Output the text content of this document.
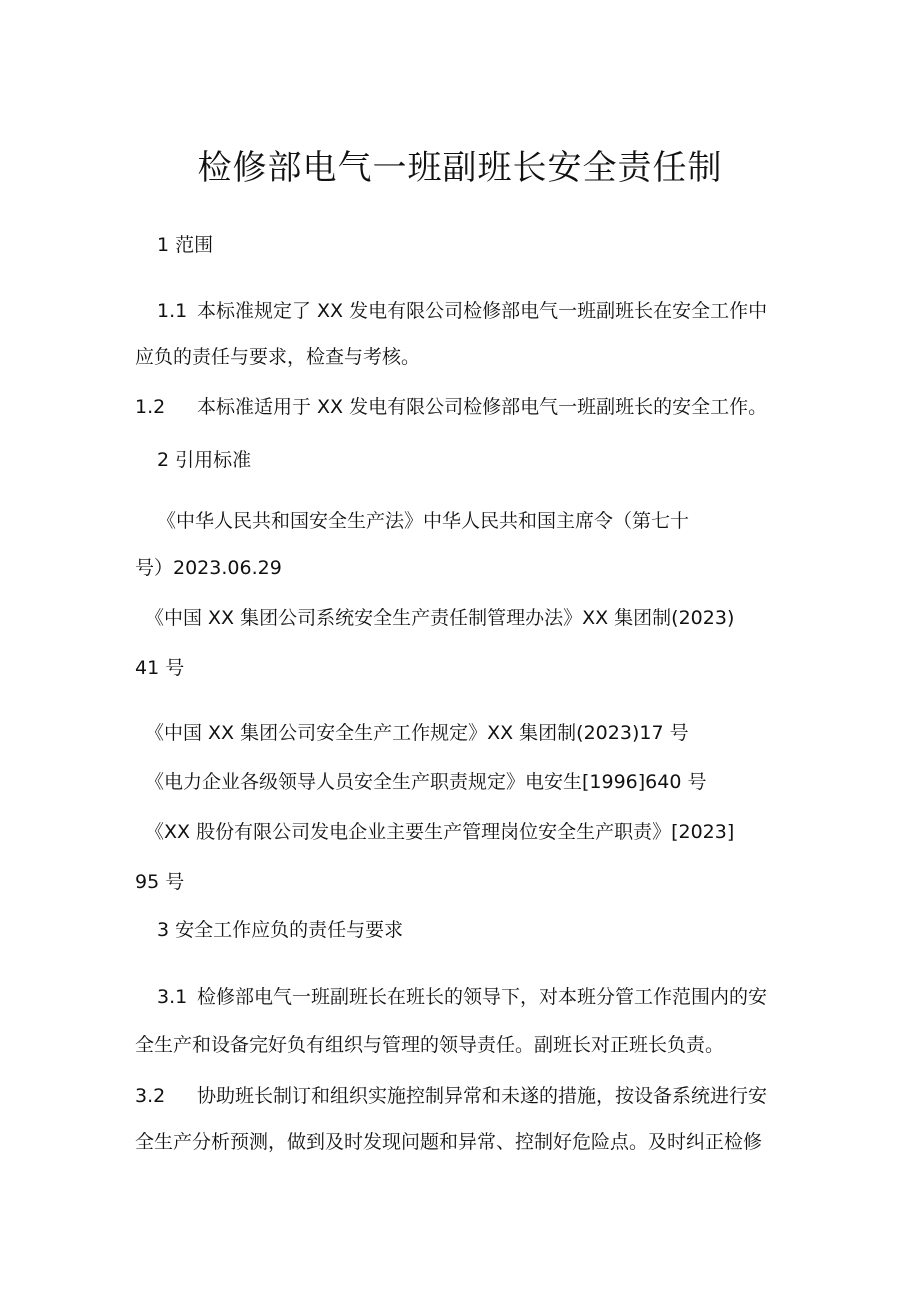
检修部电气一班副班长安全责任制

1 范围

1.1 本标准规定了 XX 发电有限公司检修部电气一班副班长在安全工作中

应负的责任与要求，检查与考核。

1.2 本标准适用于 XX 发电有限公司检修部电气一班副班长的安全工作。

2 引用标准

《中华人民共和国安全生产法》中华人民共和国主席令（第七十

号）2023.06.29

《中国 XX 集团公司系统安全生产责任制管理办法》XX 集团制(2023)

41 号

《中国 XX 集团公司安全生产工作规定》XX 集团制(2023)17 号

《电力企业各级领导人员安全生产职责规定》电安生[1996]640 号

《XX 股份有限公司发电企业主要生产管理岗位安全生产职责》[2023]

95 号

3 安全工作应负的责任与要求

3.1 检修部电气一班副班长在班长的领导下，对本班分管工作范围内的安

全生产和设备完好负有组织与管理的领导责任。副班长对正班长负责。

3.2 协助班长制订和组织实施控制异常和未遂的措施，按设备系统进行安

全生产分析预测，做到及时发现问题和异常、控制好危险点。及时纠正检修
